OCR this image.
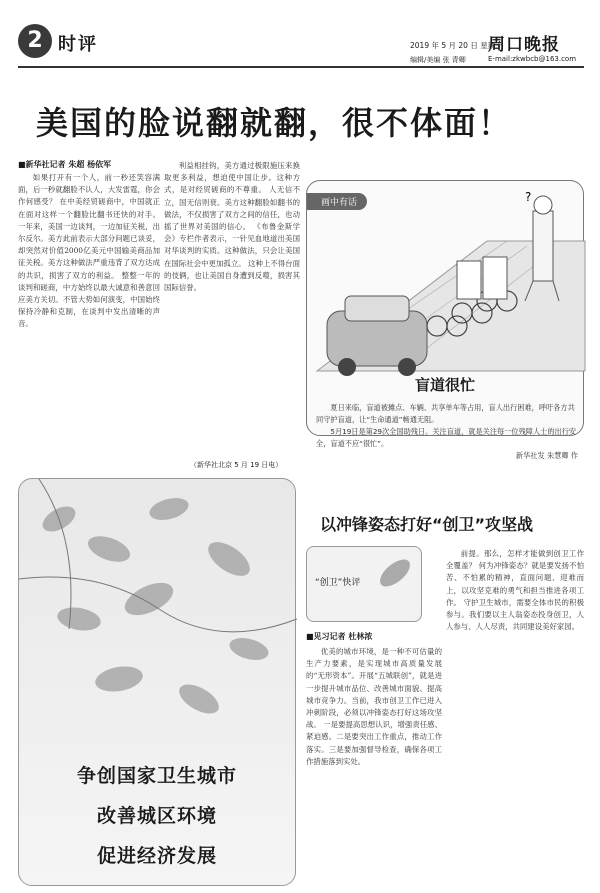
2 时评	2019 年 5 月 20 日 星期一
周口晚报
编辑/美编 张 青卿	E-mail:zkwbcb@163.com
美国的脸说翻就翻，很不体面！
■新华社记者 朱超 杨依军

如果打开有一个人，前一秒还笑容满面，后一秒就翻脸不认人，大发雷霆，你会作何感受？ 在中美经贸磋商中，中国就正在面对这样一个翻脸比翻书还快的对手。 一年来，美国一边谈判，一边加征关税，出尔反尔。美方此前表示大部分问题已谈妥，却突然对价值2000亿美元中国输美商品加征关税。美方这种做法严重违背了双方达成的共识，损害了双方的利益。 整整一年的谈判和磋商，中方始终以最大诚意和善意回应美方关切。不管大势如何演变，中国始终保持冷静和克制，在谈判中发出清晰的声音。

利益相挂钩，美方通过极限施压来换取更多利益，想迫使中国让步。这种方式，是对经贸磋商的不尊重。 人无信不立，国无信则衰。美方这种翻脸如翻书的做法，不仅损害了双方之间的信任，也动摇了世界对美国的信心。 《布鲁金斯学会》专栏作者表示，一针见血地道出美国对华谈判的实质。这种做法，只会让美国在国际社会中更加孤立。 这种上不得台面的伎俩，也让美国自身遭到反噬，损害其国际信誉。

（新华社北京 5 月 19 日电）
画中有话	?
盲道很忙

夏日来临，盲道被摊点、车辆、共享单车等占用，盲人出行困难，呼吁各方共同守护盲道，让“生命通道”畅通无阻。

5月19日是第29次全国助残日。关注盲道，就是关注每一位残障人士的出行安全，盲道不应“很忙”。

新华社发 朱慧卿 作

争创国家卫生城市
改善城区环境
促进经济发展
以冲锋姿态打好“创卫”攻坚战
“创卫”快评
■见习记者 杜林浓

优美的城市环境，是一种不可估量的生产力要素，是实现城市高质量发展的“无形资本”。开展“五城联创”，就是进一步提升城市品位、改善城市面貌、提高城市竞争力。当前，我市创卫工作已进入冲刺阶段，必须以冲锋姿态打好这场攻坚战。 一是要提高思想认识，增强责任感、紧迫感。二是要突出工作重点，推动工作落实。三是要加强督导检查，确保各项工作措施落到实处。

前提。那么，怎样才能做到创卫工作全覆盖？ 何为冲锋姿态？就是要发扬不怕苦、不怕累的精神，直面问题、迎难而上，以攻坚克难的勇气和担当推进各项工作。 守护卫生城市，需要全体市民的积极参与。我们要以主人翁姿态投身创卫，人人参与、人人尽责，共同建设美好家园。
